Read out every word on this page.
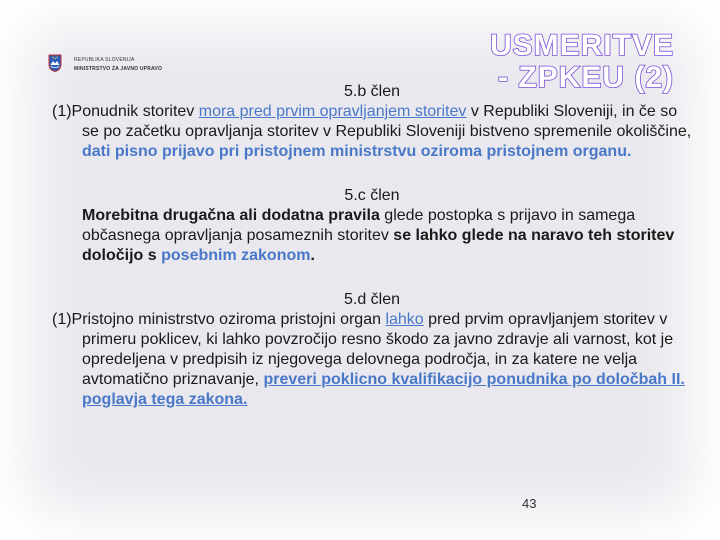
REPUBLIKA SLOVENIJA
MINISTRSTVO ZA JAVNO UPRAVO
USMERITVE
- ZPKEU (2)

5.b člen

(1)Ponudnik storitev mora pred prvim opravljanjem storitev v Republiki Sloveniji, in če so se po začetku opravljanja storitev v Republiki Sloveniji bistveno spremenile okoliščine, dati pisno prijavo pri pristojnem ministrstvu oziroma pristojnem organu.

5.c člen

Morebitna drugačna ali dodatna pravila glede postopka s prijavo in samega občasnega opravljanja posameznih storitev se lahko glede na naravo teh storitev določijo s posebnim zakonom.

5.d člen

(1)Pristojno ministrstvo oziroma pristojni organ lahko pred prvim opravljanjem storitev v primeru poklicev, ki lahko povzročijo resno škodo za javno zdravje ali varnost, kot je opredeljena v predpisih iz njegovega delovnega področja, in za katere ne velja avtomatično priznavanje, preveri poklicno kvalifikacijo ponudnika po določbah II. poglavja tega zakona.

43
